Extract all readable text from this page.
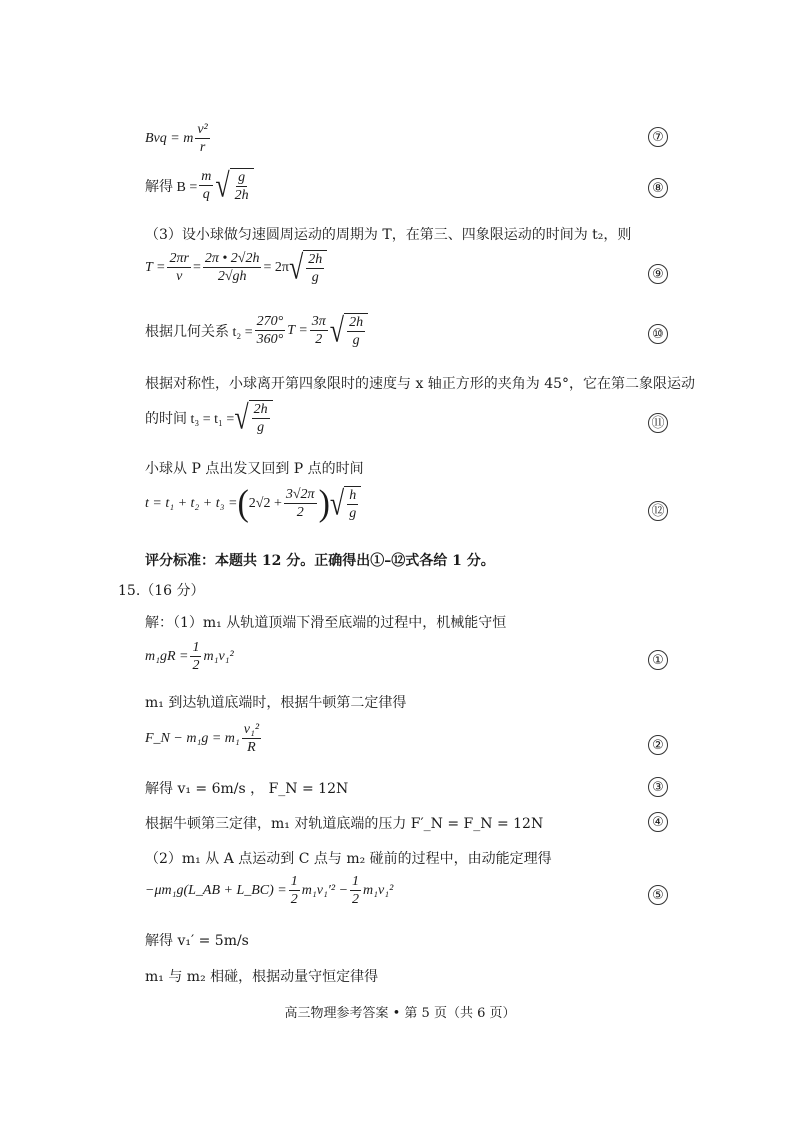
Bvq = m $\frac{\text{v²}}{r}$	⑦
解得 $B = \frac{m}{q}$ √ $\frac{g}{2h}$	⑧
（3）设小球做匀速圆周运动的周期为 T，在第三、四象限运动的时间为 t₂，则
$T = \frac{2\pi r}{v} = \frac{2\pi • 2√2h}{2√gh} = 2\pi$ √ $\frac{2h}{g}$	⑨
根据几何关系 $t_2 = \frac{270^\circ}{360^\circ}$ $T = \frac{3\pi}{2}$ √ $\frac{2h}{g}$	⑩
根据对称性，小球离开第四象限时的速度与 x 轴正方形的夹角为 45°，它在第二象限运动
的时间 t₃ = t₁ = √ $\frac{2h}{g}$	⑪
小球从 P 点出发又回到 P 点的时间
t = t₁ + t₂ + t₃ = ( $2√2 + \frac{3√2\pi}{2}$ ) √ $\frac{h}{g}$	⑫
评分标准：本题共 12 分。正确得出①–⑫式各给 1 分。
15.（16 分）
解：（1）m₁ 从轨道顶端下滑至底端的过程中，机械能守恒
$m_1gR = \frac{1}{2} m_1v_1^2$	①
m₁ 到达轨道底端时，根据牛顿第二定律得
F_N − $m_1g = m_1 \frac{\text{v₁²}}{R}$	②
解得 v₁ = 6m/s ， F_N = 12N	③
根据牛顿第三定律，m₁ 对轨道底端的压力 F′_N = F_N = 12N	④
（2）m₁ 从 A 点运动到 C 点与 m₂ 碰前的过程中，由动能定理得
−μm₁g(L_AB + L_BC) = $\frac{1}{2} m_1v_1'^2 - \frac{1}{2} m_1v_1^2$	⑤
解得 v₁′ = 5m/s
m₁ 与 m₂ 相碰，根据动量守恒定律得
高三物理参考答案 • 第 5 页（共 6 页）
